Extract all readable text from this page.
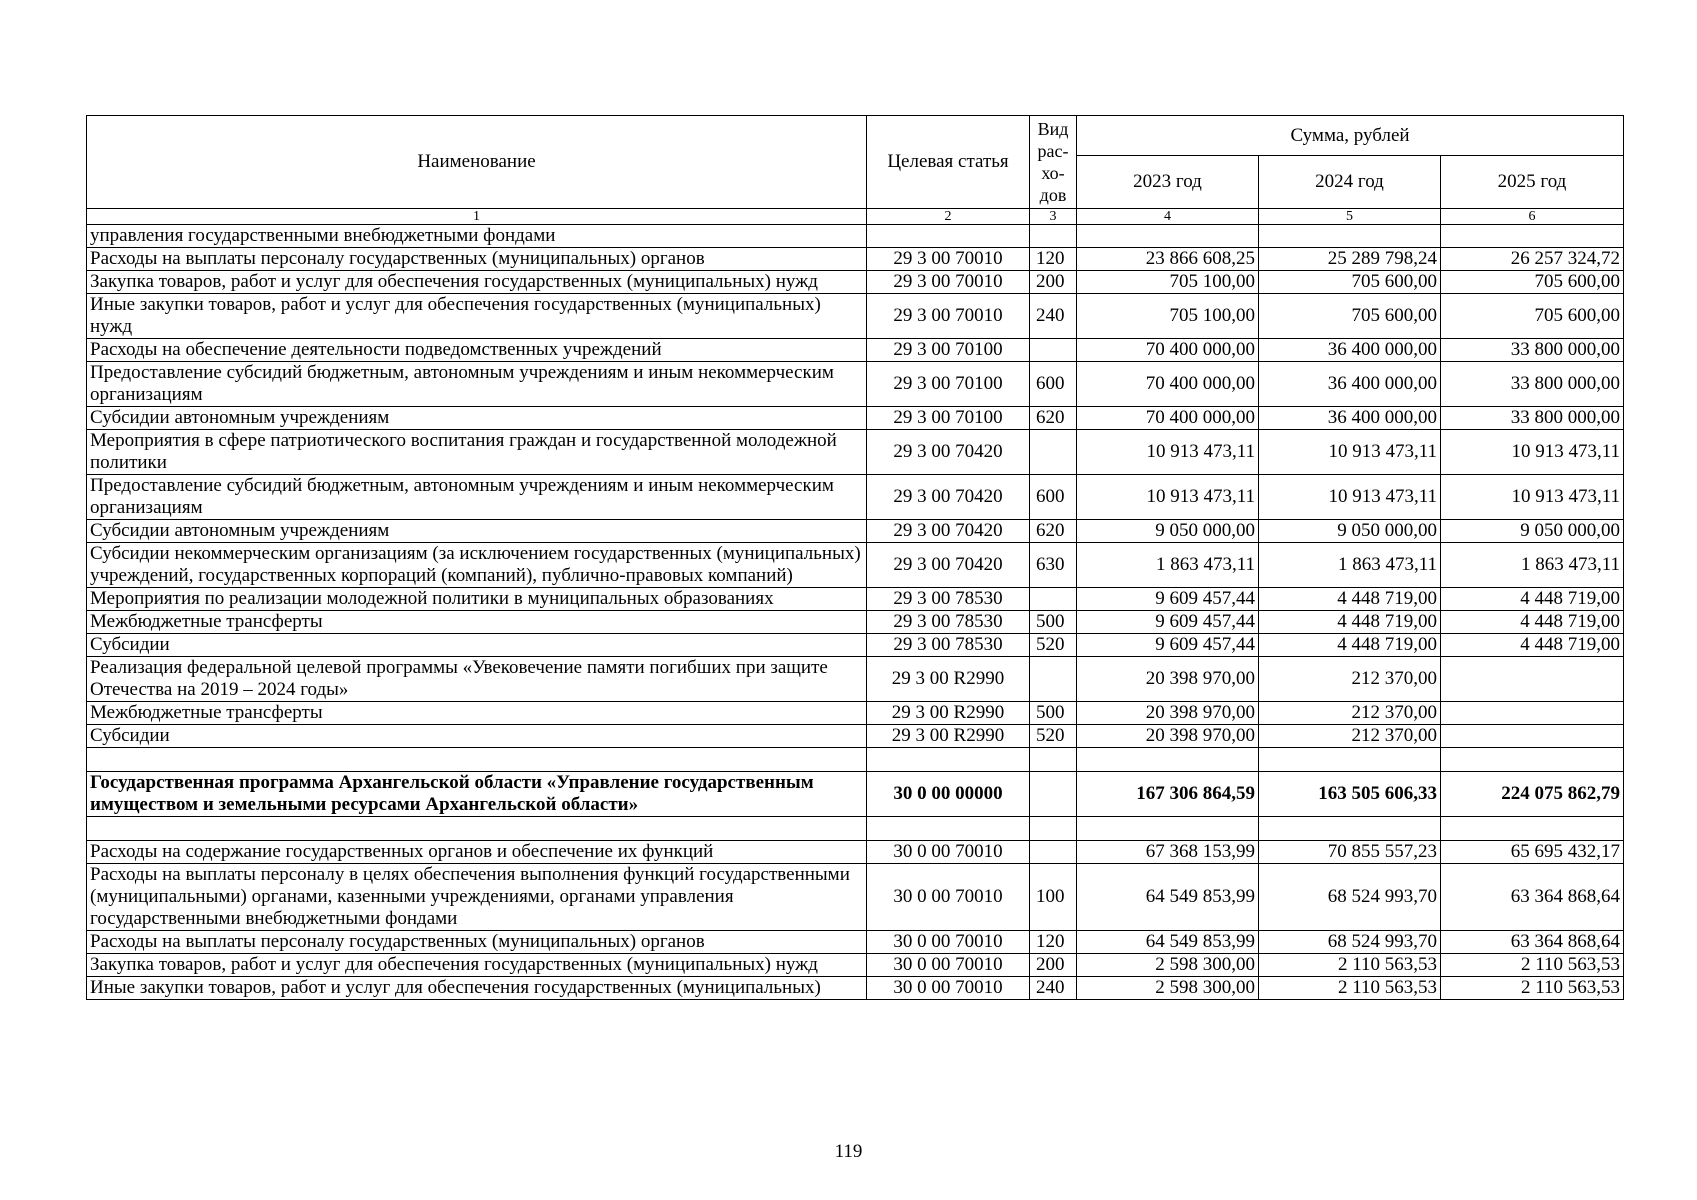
Наименование	Целевая статья	Вид рас- хо- дов	Сумма, рублей		
			2023 год	2024 год	2025 год
1	2	3	4	5	6
управления государственными внебюджетными фондами					
Расходы на выплаты персоналу государственных (муниципальных) органов	29 3 00 70010	120	23 866 608,25	25 289 798,24	26 257 324,72
Закупка товаров, работ и услуг для обеспечения государственных (муниципальных) нужд	29 3 00 70010	200	705 100,00	705 600,00	705 600,00
Иные закупки товаров, работ и услуг для обеспечения государственных (муниципальных) нужд	29 3 00 70010	240	705 100,00	705 600,00	705 600,00
Расходы на обеспечение деятельности подведомственных учреждений	29 3 00 70100		70 400 000,00	36 400 000,00	33 800 000,00
Предоставление субсидий бюджетным, автономным учреждениям и иным некоммерческим организациям	29 3 00 70100	600	70 400 000,00	36 400 000,00	33 800 000,00
Субсидии автономным учреждениям	29 3 00 70100	620	70 400 000,00	36 400 000,00	33 800 000,00
Мероприятия в сфере патриотического воспитания граждан и государственной молодежной политики	29 3 00 70420		10 913 473,11	10 913 473,11	10 913 473,11
Предоставление субсидий бюджетным, автономным учреждениям и иным некоммерческим организациям	29 3 00 70420	600	10 913 473,11	10 913 473,11	10 913 473,11
Субсидии автономным учреждениям	29 3 00 70420	620	9 050 000,00	9 050 000,00	9 050 000,00
Субсидии некоммерческим организациям (за исключением государственных (муниципальных) учреждений, государственных корпораций (компаний), публично-правовых компаний)	29 3 00 70420	630	1 863 473,11	1 863 473,11	1 863 473,11
Мероприятия по реализации молодежной политики в муниципальных образованиях	29 3 00 78530		9 609 457,44	4 448 719,00	4 448 719,00
Межбюджетные трансферты	29 3 00 78530	500	9 609 457,44	4 448 719,00	4 448 719,00
Субсидии	29 3 00 78530	520	9 609 457,44	4 448 719,00	4 448 719,00
Реализация федеральной целевой программы «Увековечение памяти погибших при защите Отечества на 2019 – 2024 годы»	29 3 00 R2990		20 398 970,00	212 370,00	
Межбюджетные трансферты	29 3 00 R2990	500	20 398 970,00	212 370,00	
Субсидии	29 3 00 R2990	520	20 398 970,00	212 370,00	

Государственная программа Архангельской области «Управление государственным имуществом и земельными ресурсами Архангельской области»	30 0 00 00000		167 306 864,59	163 505 606,33	224 075 862,79

Расходы на содержание государственных органов и обеспечение их функций	30 0 00 70010		67 368 153,99	70 855 557,23	65 695 432,17
Расходы на выплаты персоналу в целях обеспечения выполнения функций государственными (муниципальными) органами, казенными учреждениями, органами управления государственными внебюджетными фондами	30 0 00 70010	100	64 549 853,99	68 524 993,70	63 364 868,64
Расходы на выплаты персоналу государственных (муниципальных) органов	30 0 00 70010	120	64 549 853,99	68 524 993,70	63 364 868,64
Закупка товаров, работ и услуг для обеспечения государственных (муниципальных) нужд	30 0 00 70010	200	2 598 300,00	2 110 563,53	2 110 563,53
Иные закупки товаров, работ и услуг для обеспечения государственных (муниципальных)	30 0 00 70010	240	2 598 300,00	2 110 563,53	2 110 563,53
119
